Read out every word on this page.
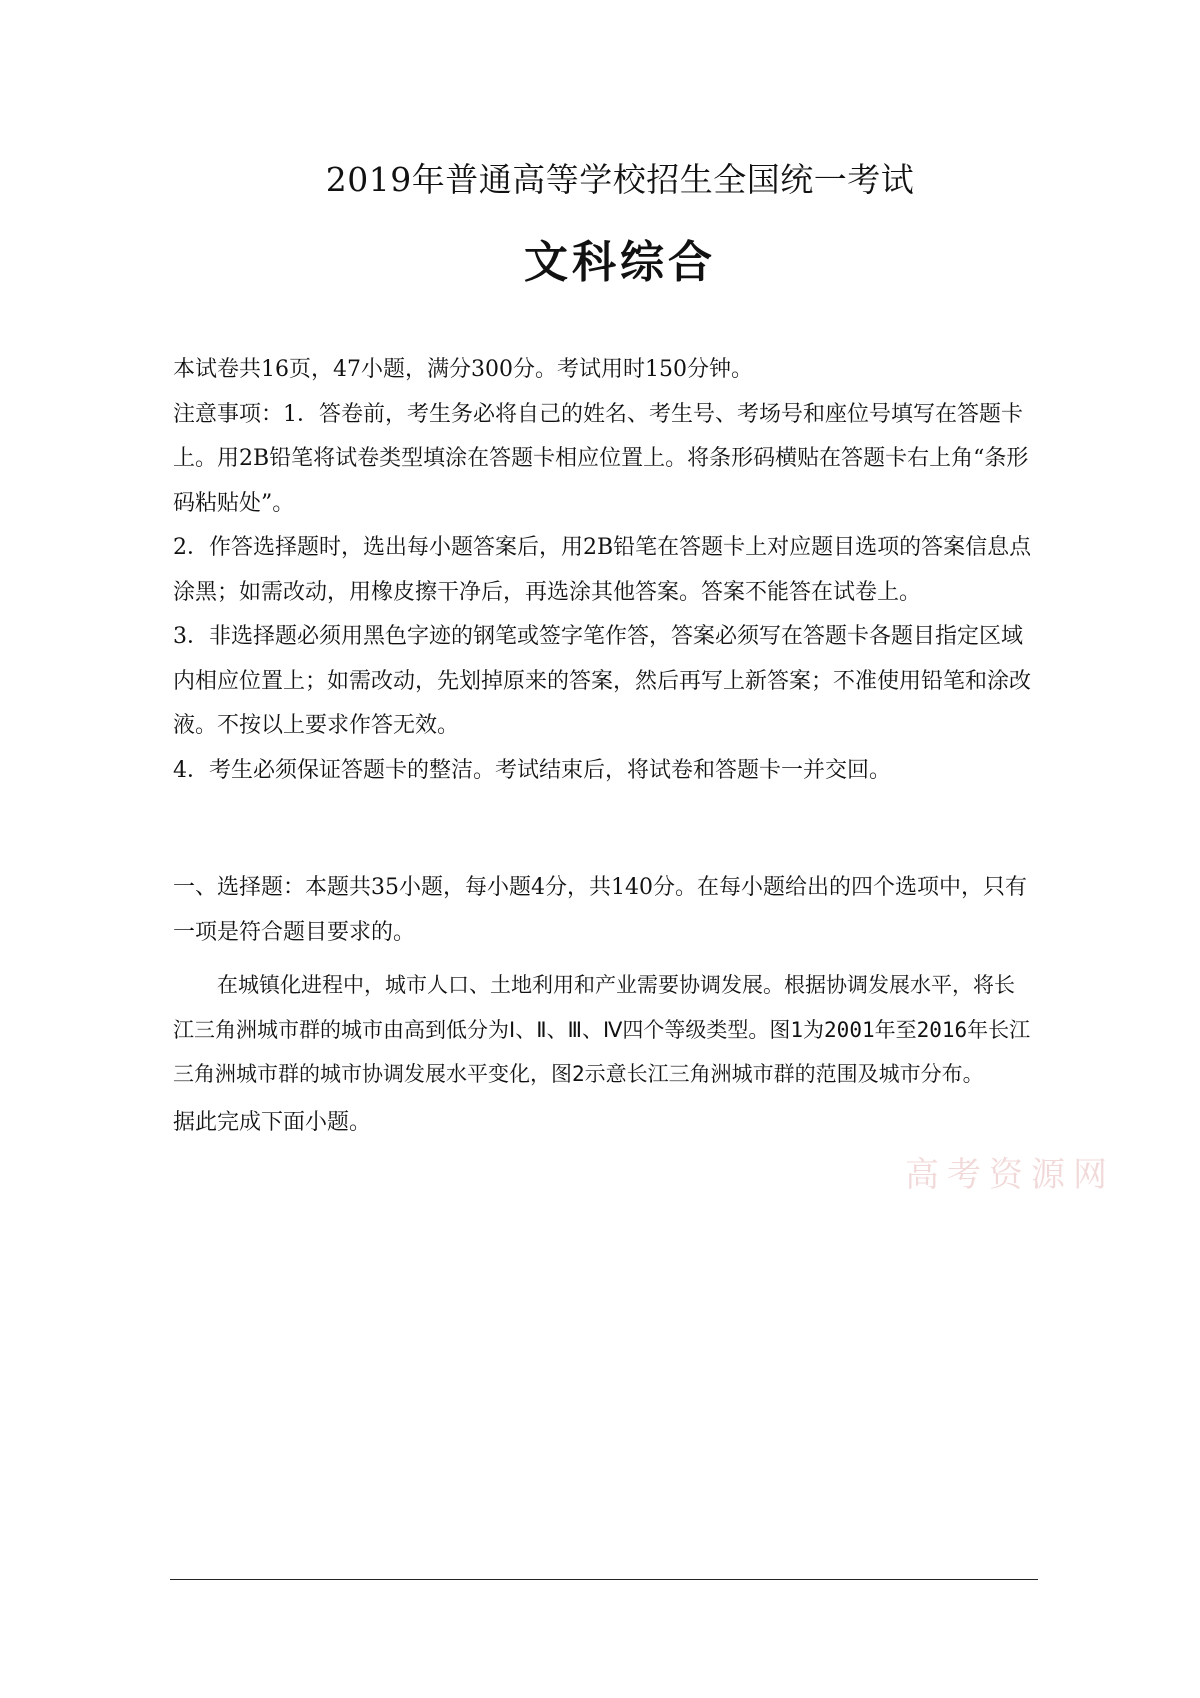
2019年普通高等学校招生全国统一考试
文科综合

本试卷共16页，47小题，满分300分。考试用时150分钟。

注意事项：1．答卷前，考生务必将自己的姓名、考生号、考场号和座位号填写在答题卡上。用2B铅笔将试卷类型填涂在答题卡相应位置上。将条形码横贴在答题卡右上角“条形码粘贴处”。

2．作答选择题时，选出每小题答案后，用2B铅笔在答题卡上对应题目选项的答案信息点涂黑；如需改动，用橡皮擦干净后，再选涂其他答案。答案不能答在试卷上。

3．非选择题必须用黑色字迹的钢笔或签字笔作答，答案必须写在答题卡各题目指定区域内相应位置上；如需改动，先划掉原来的答案，然后再写上新答案；不准使用铅笔和涂改液。不按以上要求作答无效。

4．考生必须保证答题卡的整洁。考试结束后，将试卷和答题卡一并交回。

一、选择题：本题共35小题，每小题4分，共140分。在每小题给出的四个选项中，只有一项是符合题目要求的。

在城镇化进程中，城市人口、土地利用和产业需要协调发展。根据协调发展水平，将长江三角洲城市群的城市由高到低分为Ⅰ、Ⅱ、Ⅲ、Ⅳ四个等级类型。图1为2001年至2016年长江三角洲城市群的城市协调发展水平变化，图2示意长江三角洲城市群的范围及城市分布。

据此完成下面小题。

高考资源网
